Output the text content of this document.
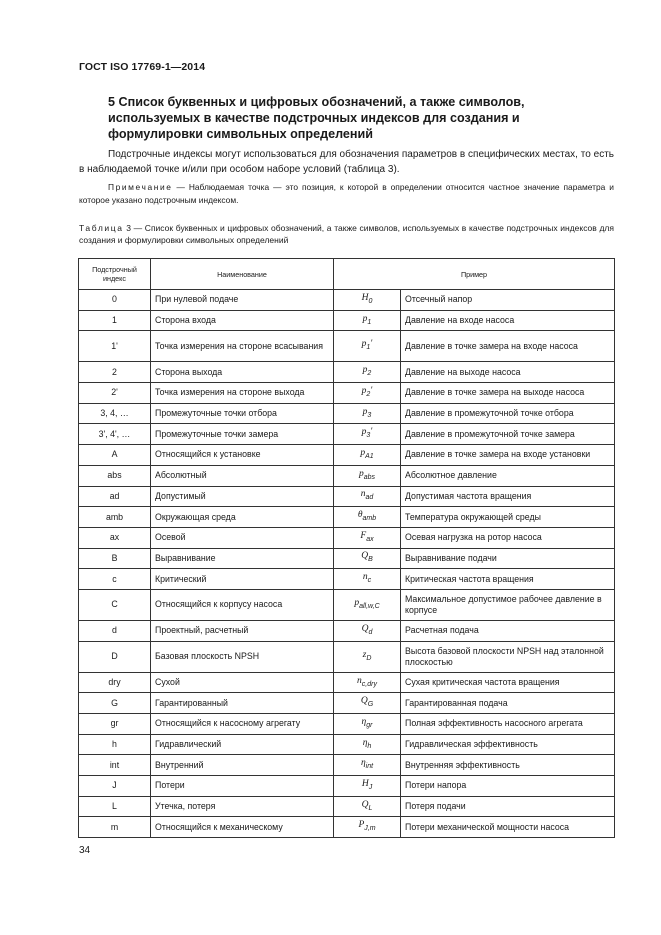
ГОСТ ISO 17769-1—2014
5 Список буквенных и цифровых обозначений, а также символов, используемых в качестве подстрочных индексов для создания и формулировки символьных определений

Подстрочные индексы могут использоваться для обозначения параметров в специфических местах, то есть в наблюдаемой точке и/или при особом наборе условий (таблица 3).

Примечание — Наблюдаемая точка — это позиция, к которой в определении относится частное значение параметра и которое указано подстрочным индексом.

Таблица 3 — Список буквенных и цифровых обозначений, а также символов, используемых в качестве подстрочных индексов для создания и формулировки символьных определений

Подстрочный индекс	Наименование	Пример	
0	При нулевой подаче	$H_0$	Отсечный напор
1	Сторона входа	$p_1$	Давление на входе насоса
1'	Точка измерения на стороне всасывания	$p_1'$	Давление в точке замера на входе насоса
2	Сторона выхода	$p_2$	Давление на выходе насоса
2'	Точка измерения на стороне выхода	$p_2'$	Давление в точке замера на выходе насоса
3, 4, …	Промежуточные точки отбора	$p_3$	Давление в промежуточной точке отбора
3', 4', …	Промежуточные точки замера	$p_3'$	Давление в промежуточной точке замера
A	Относящийся к установке	$p_{A1}$	Давление в точке замера на входе установки
abs	Абсолютный	$p_{abs}$	Абсолютное давление
ad	Допустимый	$n_{ad}$	Допустимая частота вращения
amb	Окружающая среда	$\theta_{amb}$	Температура окружающей среды
ax	Осевой	$F_{ax}$	Осевая нагрузка на ротор насоса
B	Выравнивание	$Q_B$	Выравнивание подачи
c	Критический	$n_c$	Критическая частота вращения
C	Относящийся к корпусу насоса	$p_{all,w,C}$	Максимальное допустимое рабочее давление в корпусе
d	Проектный, расчетный	$Q_d$	Расчетная подача
D	Базовая плоскость NPSH	$z_D$	Высота базовой плоскости NPSH над эталонной плоскостью
dry	Сухой	$n_{c,dry}$	Сухая критическая частота вращения
G	Гарантированный	$Q_G$	Гарантированная подача
gr	Относящийся к насосному агрегату	$\eta_{gr}$	Полная эффективность насосного агрегата
h	Гидравлический	$\eta_h$	Гидравлическая эффективность
int	Внутренний	$\eta_{int}$	Внутренняя эффективность
J	Потери	$H_J$	Потери напора
L	Утечка, потеря	$Q_L$	Потеря подачи
m	Относящийся к механическому	$P_{J,m}$	Потери механической мощности насоса
34
